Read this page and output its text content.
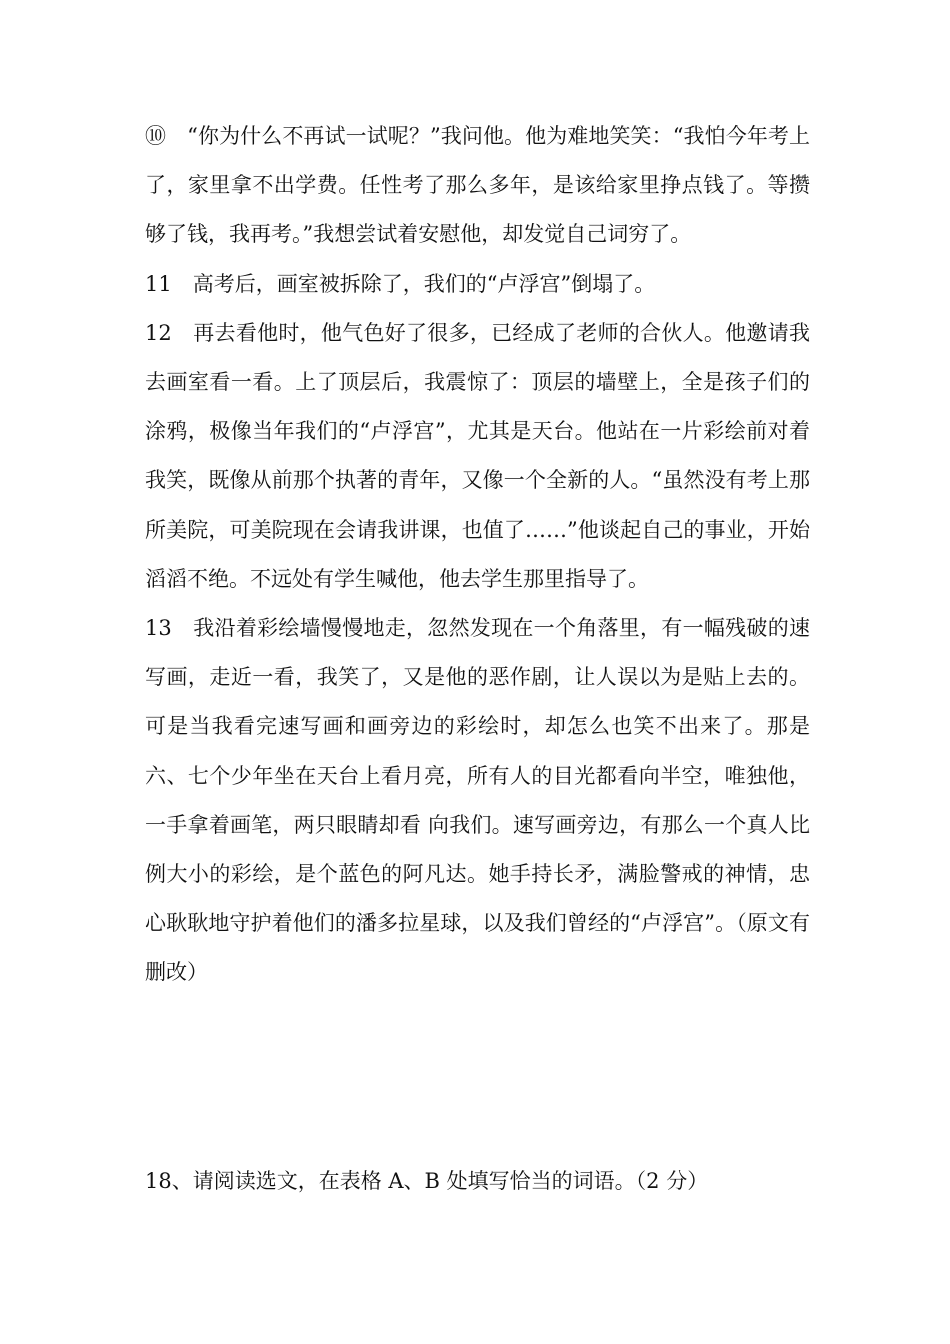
⑩　“你为什么不再试一试呢？”我问他。他为难地笑笑：“我怕今年考上了，家里拿不出学费。任性考了那么多年，是该给家里挣点钱了。等攒够了钱，我再考。”我想尝试着安慰他，却发觉自己词穷了。

11　高考后，画室被拆除了，我们的“卢浮宫”倒塌了。

12　再去看他时，他气色好了很多，已经成了老师的合伙人。他邀请我去画室看一看。上了顶层后，我震惊了：顶层的墙壁上，全是孩子们的涂鸦，极像当年我们的“卢浮宫”，尤其是天台。他站在一片彩绘前对着我笑，既像从前那个执著的青年，又像一个全新的人。“虽然没有考上那所美院，可美院现在会请我讲课，也值了……”他谈起自己的事业，开始滔滔不绝。不远处有学生喊他，他去学生那里指导了。

13　我沿着彩绘墙慢慢地走，忽然发现在一个角落里，有一幅残破的速写画，走近一看，我笑了，又是他的恶作剧，让人误以为是贴上去的。可是当我看完速写画和画旁边的彩绘时，却怎么也笑不出来了。那是六、七个少年坐在天台上看月亮，所有人的目光都看向半空，唯独他，一手拿着画笔，两只眼睛却看 向我们。速写画旁边，有那么一个真人比例大小的彩绘，是个蓝色的阿凡达。她手持长矛，满脸警戒的神情，忠心耿耿地守护着他们的潘多拉星球，以及我们曾经的“卢浮宫”。（原文有删改）

18、请阅读选文，在表格 A、B 处填写恰当的词语。（2 分）
